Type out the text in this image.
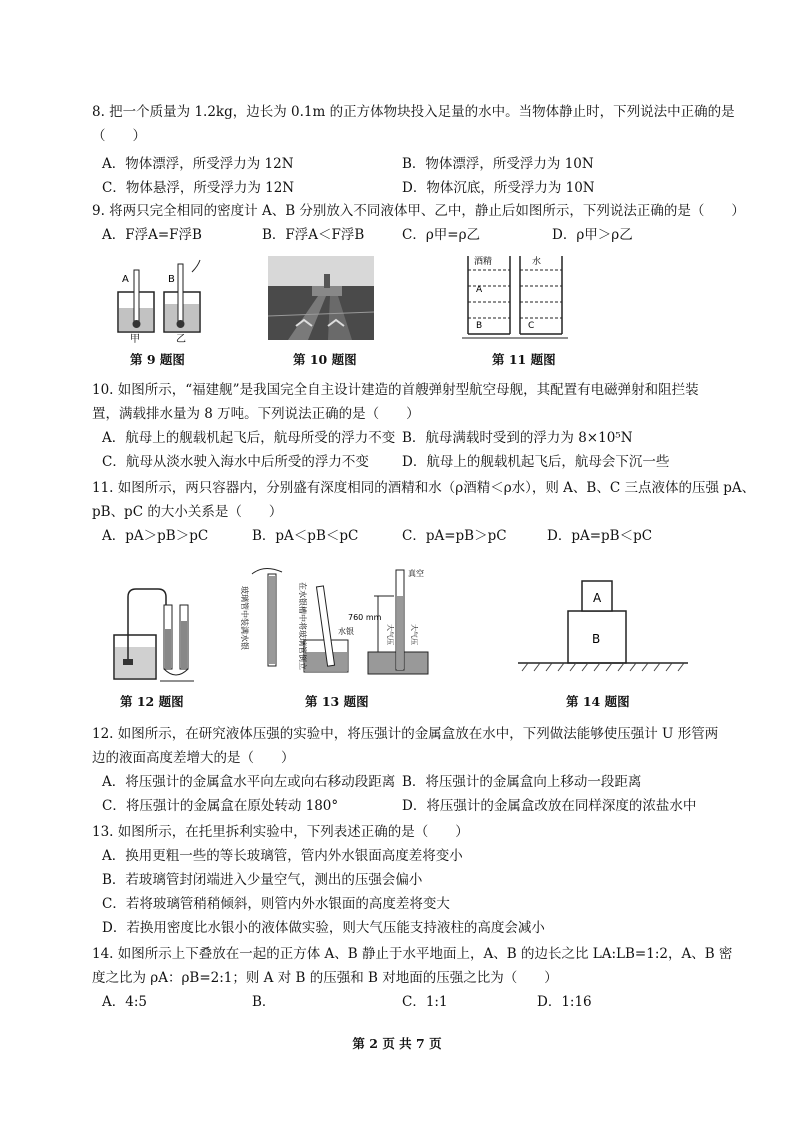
8. 把一个质量为 1.2kg，边长为 0.1m 的正方体物块投入足量的水中。当物体静止时，下列说法中正确的是
（　　）
A．物体漂浮，所受浮力为 12N	B．物体漂浮，所受浮力为 10N
C．物体悬浮，所受浮力为 12N	D．物体沉底，所受浮力为 10N
9. 将两只完全相同的密度计 A、B 分别放入不同液体甲、乙中，静止后如图所示，下列说法正确的是（　　）
A．F浮A=F浮B	B．F浮A＜F浮B	C．ρ甲=ρ乙	D．ρ甲＞ρ乙
A	B
甲	乙
第 9 题图	第 10 题图
酒精	水
A
B	C
第 11 题图
10. 如图所示，“福建舰”是我国完全自主设计建造的首艘弹射型航空母舰，其配置有电磁弹射和阻拦装
置，满载排水量为 8 万吨。下列说法正确的是（　　）
A．航母上的舰载机起飞后，航母所受的浮力不变 B．航母满载时受到的浮力为 8×10⁵N
C．航母从淡水驶入海水中后所受的浮力不变 D．航母上的舰载机起飞后，航母会下沉一些
11. 如图所示，两只容器内，分别盛有深度相同的酒精和水（ρ酒精＜ρ水），则 A、B、C 三点液体的压强 pA、
pB、pC 的大小关系是（　　）
A．pA＞pB＞pC	B．pA＜pB＜pC	C．pA=pB＞pC	D．pA=pB＜pC
第 12 题图
玻璃管中装满水银	在水银槽中将玻璃管倒立	水银
760 mm
真空
大气压 大气压
第 13 题图
A
B
第 14 题图
12. 如图所示，在研究液体压强的实验中，将压强计的金属盒放在水中，下列做法能够使压强计 U 形管两
边的液面高度差增大的是（　　）
A．将压强计的金属盒水平向左或向右移动段距离 B．将压强计的金属盒向上移动一段距离
C．将压强计的金属盒在原处转动 180°	D．将压强计的金属盒改放在同样深度的浓盐水中
13. 如图所示，在托里拆利实验中，下列表述正确的是（　　）
A．换用更粗一些的等长玻璃管，管内外水银面高度差将变小
B．若玻璃管封闭端进入少量空气，测出的压强会偏小
C．若将玻璃管稍稍倾斜，则管内外水银面的高度差将变大
D．若换用密度比水银小的液体做实验，则大气压能支持液柱的高度会减小
14. 如图所示上下叠放在一起的正方体 A、B 静止于水平地面上，A、B 的边长之比 LA:LB=1:2，A、B 密
度之比为 ρA：ρB=2:1；则 A 对 B 的压强和 B 对地面的压强之比为（　　）
A．4:5	B．	C．1:1	D．1:16
第 2 页 共 7 页
